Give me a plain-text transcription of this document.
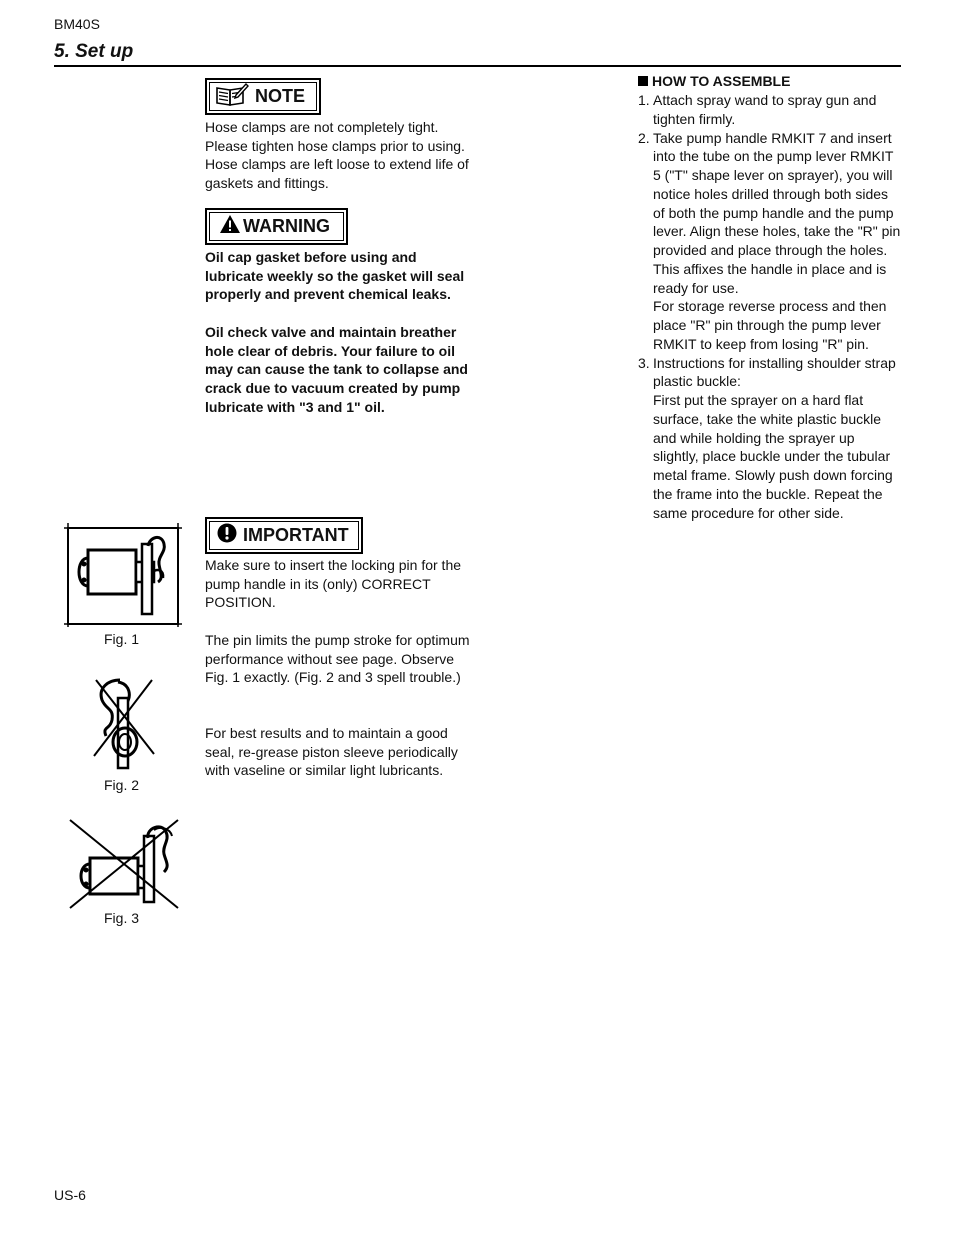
BM40S
5. Set up
NOTE

Hose clamps are not completely tight. Please tighten hose clamps prior to using. Hose clamps are left loose to extend life of gaskets and fittings.

WARNING

Oil cap gasket before using and lubricate weekly so the gasket will seal properly and prevent chemical leaks.

Oil check valve and maintain breather hole clear of debris. Your failure to oil may can cause the tank to collapse and crack due to vacuum created by pump lubricate with "3 and 1" oil.

IMPORTANT

Make sure to insert the locking pin for the pump handle in its (only) CORRECT POSITION.

The pin limits the pump stroke for optimum performance without see page. Observe Fig. 1 exactly. (Fig. 2 and 3 spell trouble.)

For best results and to maintain a good seal, re-grease piston sleeve periodically with vaseline or similar light lubricants.

Fig. 1
Fig. 2
Fig. 3
HOW TO ASSEMBLE
1. Attach spray wand to spray gun and tighten firmly.
2. Take pump handle RMKIT 7 and insert into the tube on the pump lever RMKIT 5 ("T" shape lever on sprayer), you will notice holes drilled through both sides of both the pump handle and the pump lever. Align these holes, take the "R" pin provided and place through the holes. This affixes the handle in place and is ready for use.
For storage reverse process and then place "R" pin through the pump lever RMKIT to keep from losing "R" pin.
3. Instructions for installing shoulder strap plastic buckle:
First put the sprayer on a hard flat surface, take the white plastic buckle and while holding the sprayer up slightly, place buckle under the tubular metal frame. Slowly push down forcing the frame into the buckle. Repeat the same procedure for other side.
US-6
